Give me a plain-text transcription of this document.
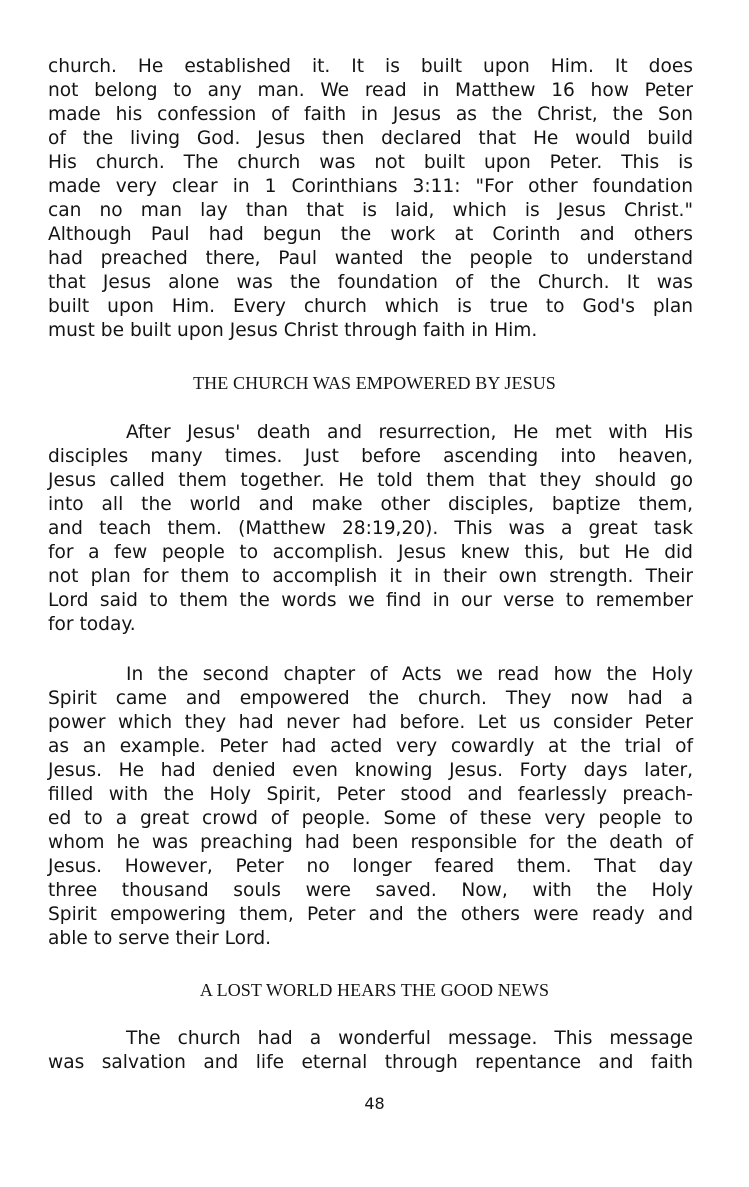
church. He established it. It is built upon Him. It does
not belong to any man. We read in Matthew 16 how Peter
made his confession of faith in Jesus as the Christ, the Son
of the living God. Jesus then declared that He would build
His church. The church was not built upon Peter. This is
made very clear in 1 Corinthians 3:11: "For other foundation
can no man lay than that is laid, which is Jesus Christ."
Although Paul had begun the work at Corinth and others
had preached there, Paul wanted the people to understand
that Jesus alone was the foundation of the Church. It was
built upon Him. Every church which is true to God's plan
must be built upon Jesus Christ through faith in Him.
THE CHURCH WAS EMPOWERED BY JESUS
After Jesus' death and resurrection, He met with His
disciples many times. Just before ascending into heaven,
Jesus called them together. He told them that they should go
into all the world and make other disciples, baptize them,
and teach them. (Matthew 28:19,20). This was a great task
for a few people to accomplish. Jesus knew this, but He did
not plan for them to accomplish it in their own strength. Their
Lord said to them the words we find in our verse to remember
for today.
In the second chapter of Acts we read how the Holy
Spirit came and empowered the church. They now had a
power which they had never had before. Let us consider Peter
as an example. Peter had acted very cowardly at the trial of
Jesus. He had denied even knowing Jesus. Forty days later,
filled with the Holy Spirit, Peter stood and fearlessly preach-
ed to a great crowd of people. Some of these very people to
whom he was preaching had been responsible for the death of
Jesus. However, Peter no longer feared them. That day
three thousand souls were saved. Now, with the Holy
Spirit empowering them, Peter and the others were ready and
able to serve their Lord.
A LOST WORLD HEARS THE GOOD NEWS
The church had a wonderful message. This message
was salvation and life eternal through repentance and faith
48
